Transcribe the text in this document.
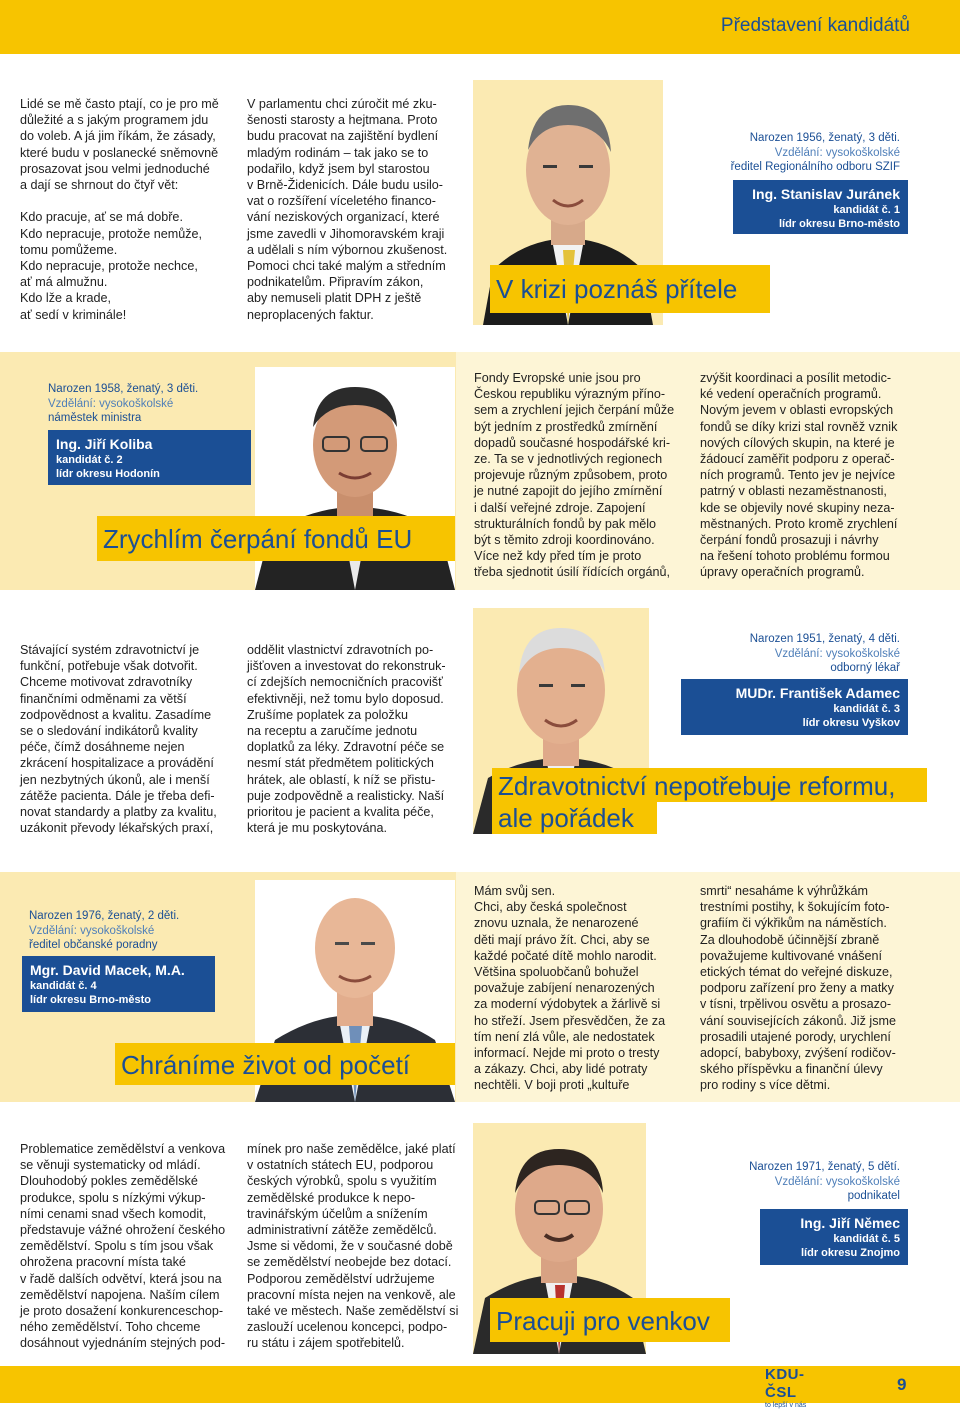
Představení kandidátů

Lidé se mě často ptají, co je pro mě
důležité a s jakým programem jdu
do voleb. A já jim říkám, že zásady,
které budu v poslanecké sněmovně
prosazovat jsou velmi jednoduché
a dají se shrnout do čtyř vět:

Kdo pracuje, ať se má dobře.
Kdo nepracuje, protože nemůže,
tomu pomůžeme.
Kdo nepracuje, protože nechce,
ať má almužnu.
Kdo lže a krade,
ať sedí v kriminále!

V parlamentu chci zúročit mé zku-
šenosti starosty a hejtmana. Proto
budu pracovat na zajištění bydlení
mladým rodinám – tak jako se to
podařilo, když jsem byl starostou
v Brně-Židenicích. Dále budu usilo-
vat o rozšíření víceletého financo-
vání neziskových organizací, které
jsme zavedli v Jihomoravském kraji
a udělali s ním výbornou zkušenost.
Pomoci chci také malým a středním
podnikatelům. Připravím zákon,
aby nemuseli platit DPH z ještě
neproplacených faktur.

V krizi poznáš přítele
Narozen 1956, ženatý, 3 děti.
Vzdělání: vysokoškolské
ředitel Regionálního odboru SZIF
Ing. Stanislav Juránek
kandidát č. 1
lídr okresu Brno-město
Narozen 1958, ženatý, 3 děti.
Vzdělání: vysokoškolské
náměstek ministra
Ing. Jiří Koliba
kandidát č. 2
lídr okresu Hodonín
Zrychlím čerpání fondů EU

Fondy Evropské unie jsou pro
Českou republiku výrazným příno-
sem a zrychlení jejich čerpání může
být jedním z prostředků zmírnění
dopadů současné hospodářské kri-
ze. Ta se v jednotlivých regionech
projevuje různým způsobem, proto
je nutné zapojit do jejího zmírnění
i další veřejné zdroje. Zapojení
strukturálních fondů by pak mělo
být s těmito zdroji koordinováno.
Více než kdy před tím je proto
třeba sjednotit úsilí řídících orgánů,

zvýšit koordinaci a posílit metodic-
ké vedení operačních programů.
Novým jevem v oblasti evropských
fondů se díky krizi stal rovněž vznik
nových cílových skupin, na které je
žádoucí zaměřit podporu z operač-
ních programů. Tento jev je nejvíce
patrný v oblasti nezaměstnanosti,
kde se objevily nové skupiny neza-
městnaných. Proto kromě zrychlení
čerpání fondů prosazuji i návrhy
na řešení tohoto problému formou
úpravy operačních programů.

Stávající systém zdravotnictví je
funkční, potřebuje však dotvořit.
Chceme motivovat zdravotníky
finančními odměnami za větší
zodpovědnost a kvalitu. Zasadíme
se o sledování indikátorů kvality
péče, čímž dosáhneme nejen
zkrácení hospitalizace a provádění
jen nezbytných úkonů, ale i menší
zátěže pacienta. Dále je třeba defi-
novat standardy a platby za kvalitu,
uzákonit převody lékařských praxí,

oddělit vlastnictví zdravotních po-
jišťoven a investovat do rekonstruk-
cí zdejších nemocničních pracovišť
efektivněji, než tomu bylo doposud.
Zrušíme poplatek za položku
na receptu a zaručíme jednotu
doplatků za léky. Zdravotní péče se
nesmí stát předmětem politických
hrátek, ale oblastí, k níž se přistu-
puje zodpovědně a realisticky. Naší
prioritou je pacient a kvalita péče,
která je mu poskytována.	ale pořádek
Zdravotnictví nepotřebuje reformu,
Narozen 1951, ženatý, 4 děti.
Vzdělání: vysokoškolské
odborný lékař
MUDr. František Adamec
kandidát č. 3
lídr okresu Vyškov
Narozen 1976, ženatý, 2 děti.
Vzdělání: vysokoškolské
ředitel občanské poradny
Mgr. David Macek, M.A.
kandidát č. 4
lídr okresu Brno-město
Chráníme život od početí

Mám svůj sen.
Chci, aby česká společnost
znovu uznala, že nenarozené
děti mají právo žít. Chci, aby se
každé počaté dítě mohlo narodit.
Většina spoluobčanů bohužel
považuje zabíjení nenarozených
za moderní výdobytek a žárlivě si
ho střeží. Jsem přesvědčen, že za
tím není zlá vůle, ale nedostatek
informací. Nejde mi proto o tresty
a zákazy. Chci, aby lidé potraty
nechtěli. V boji proti „kultuře

smrti“ nesaháme k výhrůžkám
trestními postihy, k šokujícím foto-
grafiím či výkřikům na náměstích.
Za dlouhodobě účinnější zbraně
považujeme kultivované vnášení
etických témat do veřejné diskuze,
podporu zařízení pro ženy a matky
v tísni, trpělivou osvětu a prosazo-
vání souvisejících zákonů. Již jsme
prosadili utajené porody, urychlení
adopcí, babyboxy, zvýšení rodičov-
ského příspěvku a finanční úlevy
pro rodiny s více dětmi.

Problematice zemědělství a venkova
se věnuji systematicky od mládí.
Dlouhodobý pokles zemědělské
produkce, spolu s nízkými výkup-
ními cenami snad všech komodit,
představuje vážné ohrožení českého
zemědělství. Spolu s tím jsou však
ohrožena pracovní místa také
v řadě dalších odvětví, která jsou na
zemědělství napojena. Naším cílem
je proto dosažení konkurenceschop-
ného zemědělství. Toho chceme
dosáhnout vyjednáním stejných pod-

mínek pro naše zemědělce, jaké platí
v ostatních státech EU, podporou
českých výrobků, spolu s využitím
zemědělské produkce k nepo-
travinářským účelům a snížením
administrativní zátěže zemědělců.
Jsme si vědomi, že v současné době
se zemědělství neobejde bez dotací.
Podporou zemědělství udržujeme
pracovní místa nejen na venkově, ale
také ve městech. Naše zemědělství si
zaslouží ucelenou koncepci, podpo-
ru státu i zájem spotřebitelů.

Pracuji pro venkov
Narozen 1971, ženatý, 5 dětí.
Vzdělání: vysokoškolské
podnikatel
Ing. Jiří Němec
kandidát č. 5
lídr okresu Znojmo
KDU-ČSL
to lepší v nás
9
